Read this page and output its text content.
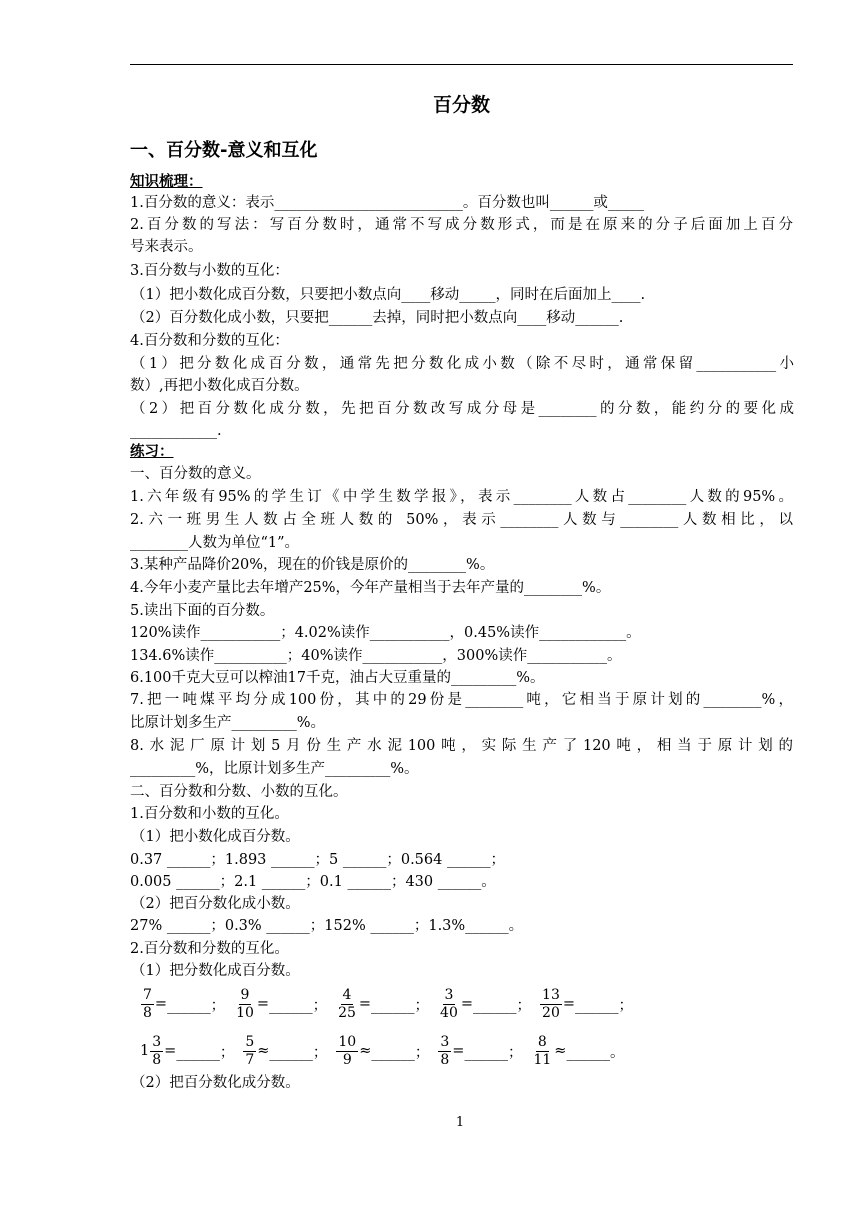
百分数
一、百分数-意义和互化
知识梳理：
1.百分数的意义：表示__________________________。百分数也叫______或_____
2.百分数的写法：写百分数时，通常不写成分数形式，而是在原来的分子后面加上百分
号来表示。
3.百分数与小数的互化：
（1）把小数化成百分数，只要把小数点向____移动_____，同时在后面加上____.
（2）百分数化成小数，只要把______去掉，同时把小数点向____移动______.
4.百分数和分数的互化：
（1）把分数化成百分数，通常先把分数化成小数（除不尽时，通常保留___________小
数）,再把小数化成百分数。
（2）把百分数化成分数，先把百分数改写成分母是________的分数，能约分的要化成
____________.
练习：
一、百分数的意义。
1.六年级有95%的学生订《中学生数学报》，表示________人数占________人数的95%。
2.六一班男生人数占全班人数的 50%，表示________人数与________人数相比，以
________人数为单位“1”。
3.某种产品降价20%，现在的价钱是原价的________%。
4.今年小麦产量比去年增产25%，今年产量相当于去年产量的________%。
5.读出下面的百分数。
120%读作___________；4.02%读作___________，0.45%读作____________。
134.6%读作__________；40%读作___________，300%读作___________。
6.100千克大豆可以榨油17千克，油占大豆重量的_________%。
7.把一吨煤平均分成100份，其中的29份是________吨，它相当于原计划的________%，
比原计划多生产_________%。
8.水泥厂原计划5月份生产水泥100吨，实际生产了120吨，相当于原计划的
_________%，比原计划多生产_________%。
二、百分数和分数、小数的互化。
1.百分数和小数的互化。
（1）把小数化成百分数。
0.37 ______；1.893 ______；5 ______；0.564 ______；
0.005 ______；2.1 ______；0.1 ______；430 ______。
（2）把百分数化成小数。
27% ______；0.3% ______；152% ______；1.3%______。
2.百分数和分数的互化。
（1）把分数化成百分数。
$\frac{7}{8}$ = ______； $\frac{9}{10}$ = ______； $\frac{4}{25}$ = ______； $\frac{3}{40}$ = ______； $\frac{13}{20}$ = ______；
$1 \frac{3}{8}$ = ______； $\frac{5}{7}$ ≈ ______； $\frac{10}{9}$ ≈ ______； $\frac{3}{8}$ = ______； $\frac{8}{11}$ ≈ ______。
（2）把百分数化成分数。
1
